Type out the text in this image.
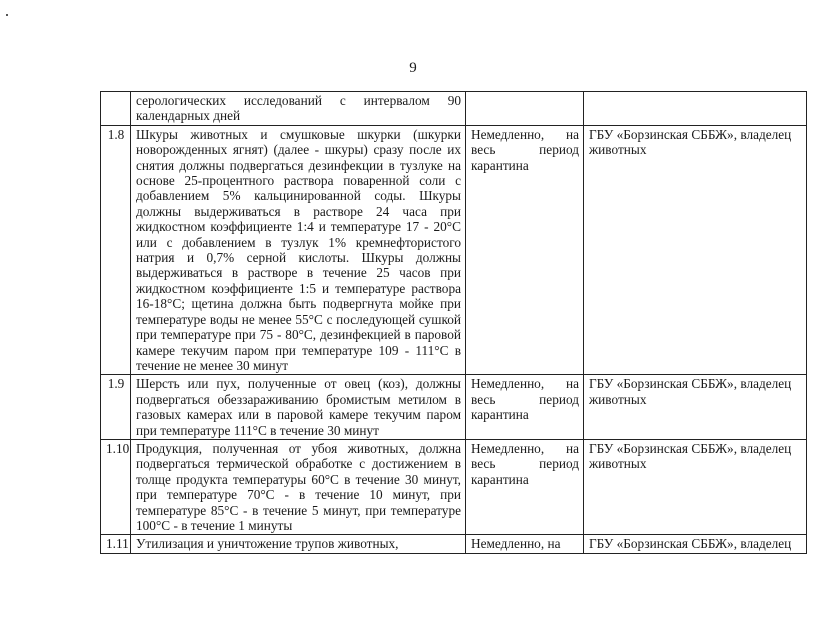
9
	серологических исследований с интервалом 90 календарных дней		
1.8	Шкуры животных и смушковые шкурки (шкурки новорожденных ягнят) (далее - шкуры) сразу после их снятия должны подвергаться дезинфекции в тузлуке на основе 25-процентного раствора поваренной соли с добавлением 5% кальцинированной соды. Шкуры должны выдерживаться в растворе 24 часа при жидкостном коэффициенте 1:4 и температуре 17 - 20°С или с добавлением в тузлук 1% кремнефтористого натрия и 0,7% серной кислоты. Шкуры должны выдерживаться в растворе в течение 25 часов при жидкостном коэффициенте 1:5 и температуре раствора 16-18°С; щетина должна быть подвергнута мойке при температуре воды не менее 55°С с последующей сушкой при температуре при 75 - 80°С, дезинфекцией в паровой камере текучим паром при температуре 109 - 111°С в течение не менее 30 минут	Немедленно, на весь период карантина	ГБУ «Борзинская СББЖ», владелец животных
1.9	Шерсть или пух, полученные от овец (коз), должны подвергаться обеззараживанию бромистым метилом в газовых камерах или в паровой камере текучим паром при температуре 111°С в течение 30 минут	Немедленно, на весь период карантина	ГБУ «Борзинская СББЖ», владелец животных
1.10	Продукция, полученная от убоя животных, должна подвергаться термической обработке с достижением в толще продукта температуры 60°С в течение 30 минут, при температуре 70°С - в течение 10 минут, при температуре 85°С - в течение 5 минут, при температуре 100°С - в течение 1 минуты	Немедленно, на весь период карантина	ГБУ «Борзинская СББЖ», владелец животных
1.11	Утилизация и уничтожение трупов животных,	Немедленно, на	ГБУ «Борзинская СББЖ», владелец
